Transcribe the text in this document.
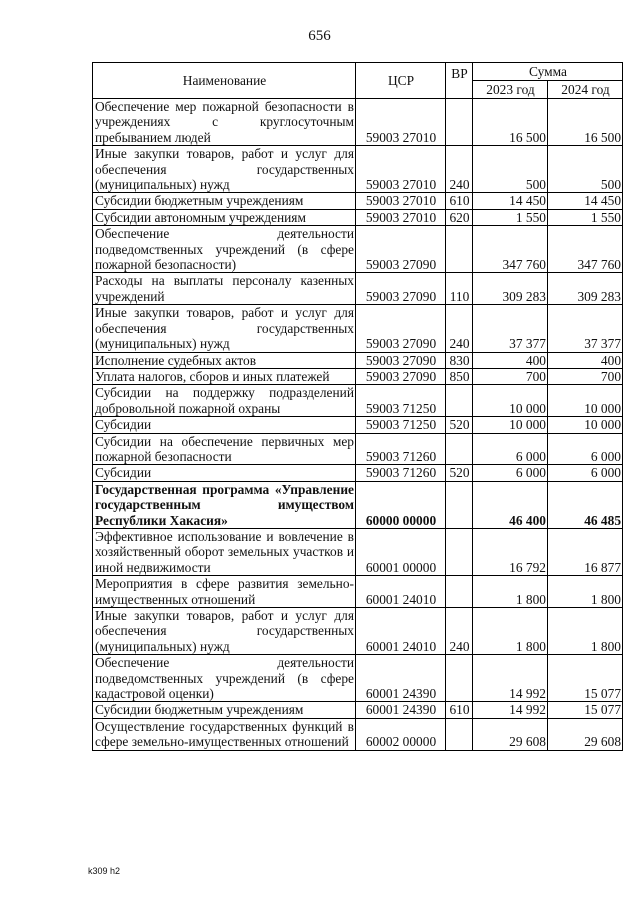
656
Наименование	ЦСР	ВР	Сумма	
			2023 год	2024 год
Обеспечение мер пожарной безопасности в учреждениях с круглосуточным пребыванием людей	59003 27010		16 500	16 500
Иные закупки товаров, работ и услуг для обеспечения государственных (муниципальных) нужд	59003 27010	240	500	500
Субсидии бюджетным учреждениям	59003 27010	610	14 450	14 450
Субсидии автономным учреждениям	59003 27010	620	1 550	1 550
Обеспечение деятельности подведомственных учреждений (в сфере пожарной безопасности)	59003 27090		347 760	347 760
Расходы на выплаты персоналу казенных учреждений	59003 27090	110	309 283	309 283
Иные закупки товаров, работ и услуг для обеспечения государственных (муниципальных) нужд	59003 27090	240	37 377	37 377
Исполнение судебных актов	59003 27090	830	400	400
Уплата налогов, сборов и иных платежей	59003 27090	850	700	700
Субсидии на поддержку подразделений добровольной пожарной охраны	59003 71250		10 000	10 000
Субсидии	59003 71250	520	10 000	10 000
Субсидии на обеспечение первичных мер пожарной безопасности	59003 71260		6 000	6 000
Субсидии	59003 71260	520	6 000	6 000
Государственная программа «Управление государственным имуществом Республики Хакасия»	60000 00000		46 400	46 485
Эффективное использование и вовлечение в хозяйственный оборот земельных участков и иной недвижимости	60001 00000		16 792	16 877
Мероприятия в сфере развития земельно-имущественных отношений	60001 24010		1 800	1 800
Иные закупки товаров, работ и услуг для обеспечения государственных (муниципальных) нужд	60001 24010	240	1 800	1 800
Обеспечение деятельности подведомственных учреждений (в сфере кадастровой оценки)	60001 24390		14 992	15 077
Субсидии бюджетным учреждениям	60001 24390	610	14 992	15 077
Осуществление государственных функций в сфере земельно-имущественных отношений	60002 00000		29 608	29 608
k309 h2
